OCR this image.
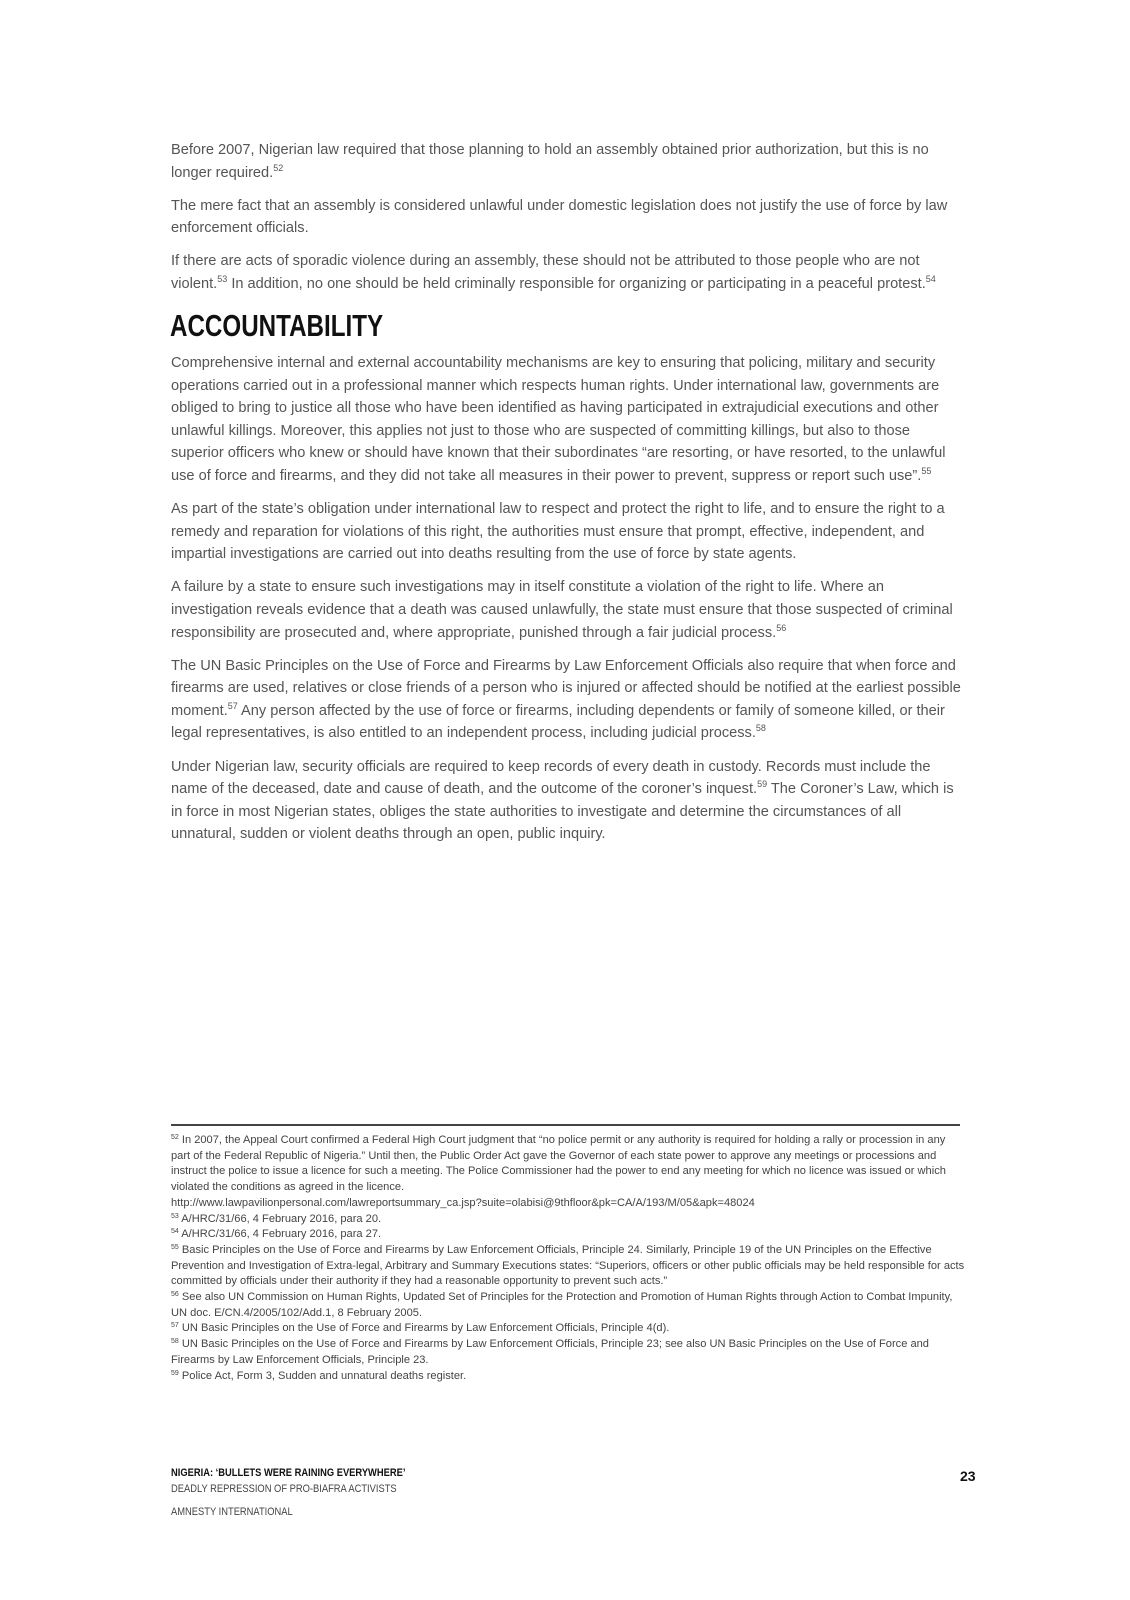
Before 2007, Nigerian law required that those planning to hold an assembly obtained prior authorization, but this is no longer required.$^{52}$

The mere fact that an assembly is considered unlawful under domestic legislation does not justify the use of force by law enforcement officials.

If there are acts of sporadic violence during an assembly, these should not be attributed to those people who are not violent.$^{53}$ In addition, no one should be held criminally responsible for organizing or participating in a peaceful protest.$^{54}$

ACCOUNTABILITY

Comprehensive internal and external accountability mechanisms are key to ensuring that policing, military and security operations carried out in a professional manner which respects human rights. Under international law, governments are obliged to bring to justice all those who have been identified as having participated in extrajudicial executions and other unlawful killings. Moreover, this applies not just to those who are suspected of committing killings, but also to those superior officers who knew or should have known that their subordinates “are resorting, or have resorted, to the unlawful use of force and firearms, and they did not take all measures in their power to prevent, suppress or report such use”.$^{55}$

As part of the state’s obligation under international law to respect and protect the right to life, and to ensure the right to a remedy and reparation for violations of this right, the authorities must ensure that prompt, effective, independent, and impartial investigations are carried out into deaths resulting from the use of force by state agents.

A failure by a state to ensure such investigations may in itself constitute a violation of the right to life. Where an investigation reveals evidence that a death was caused unlawfully, the state must ensure that those suspected of criminal responsibility are prosecuted and, where appropriate, punished through a fair judicial process.$^{56}$

The UN Basic Principles on the Use of Force and Firearms by Law Enforcement Officials also require that when force and firearms are used, relatives or close friends of a person who is injured or affected should be notified at the earliest possible moment.$^{57}$ Any person affected by the use of force or firearms, including dependents or family of someone killed, or their legal representatives, is also entitled to an independent process, including judicial process.$^{58}$

Under Nigerian law, security officials are required to keep records of every death in custody. Records must include the name of the deceased, date and cause of death, and the outcome of the coroner’s inquest.$^{59}$ The Coroner’s Law, which is in force in most Nigerian states, obliges the state authorities to investigate and determine the circumstances of all unnatural, sudden or violent deaths through an open, public inquiry.

$^{52}$ In 2007, the Appeal Court confirmed a Federal High Court judgment that “no police permit or any authority is required for holding a rally or procession in any part of the Federal Republic of Nigeria.” Until then, the Public Order Act gave the Governor of each state power to approve any meetings or processions and instruct the police to issue a licence for such a meeting. The Police Commissioner had the power to end any meeting for which no licence was issued or which violated the conditions as agreed in the licence.
http://www.lawpavilionpersonal.com/lawreportsummary_ca.jsp?suite=olabisi@9thfloor&pk=CA/A/193/M/05&apk=48024
$^{53}$ A/HRC/31/66, 4 February 2016, para 20.
$^{54}$ A/HRC/31/66, 4 February 2016, para 27.
$^{55}$ Basic Principles on the Use of Force and Firearms by Law Enforcement Officials, Principle 24. Similarly, Principle 19 of the UN Principles on the Effective Prevention and Investigation of Extra-legal, Arbitrary and Summary Executions states: “Superiors, officers or other public officials may be held responsible for acts committed by officials under their authority if they had a reasonable opportunity to prevent such acts.”
$^{56}$ See also UN Commission on Human Rights, Updated Set of Principles for the Protection and Promotion of Human Rights through Action to Combat Impunity, UN doc. E/CN.4/2005/102/Add.1, 8 February 2005.
$^{57}$ UN Basic Principles on the Use of Force and Firearms by Law Enforcement Officials, Principle 4(d).
$^{58}$ UN Basic Principles on the Use of Force and Firearms by Law Enforcement Officials, Principle 23; see also UN Basic Principles on the Use of Force and Firearms by Law Enforcement Officials, Principle 23.
$^{59}$ Police Act, Form 3, Sudden and unnatural deaths register.
NIGERIA: ‘BULLETS WERE RAINING EVERYWHERE’
DEADLY REPRESSION OF PRO-BIAFRA ACTIVISTS
AMNESTY INTERNATIONAL
23
